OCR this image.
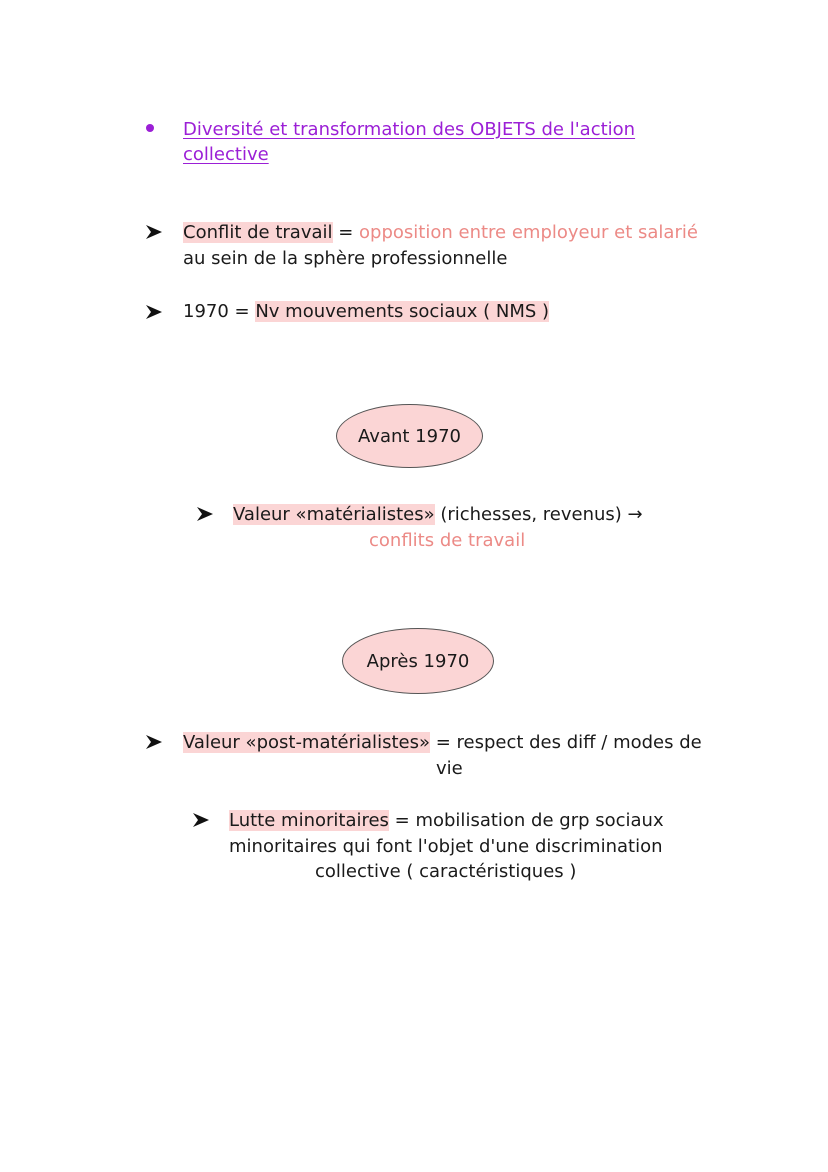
Diversité et transformation des OBJETS de l'action
collective
Conflit de travail = opposition entre employeur et salarié
au sein de la sphère professionnelle
1970 = Nv mouvements sociaux ( NMS )
Avant 1970
Valeur «matérialistes» (richesses, revenus) →
conflits de travail
Après 1970
Valeur «post-matérialistes» = respect des diff / modes de
vie
Lutte minoritaires = mobilisation de grp sociaux
minoritaires qui font l'objet d'une discrimination
collective ( caractéristiques )
